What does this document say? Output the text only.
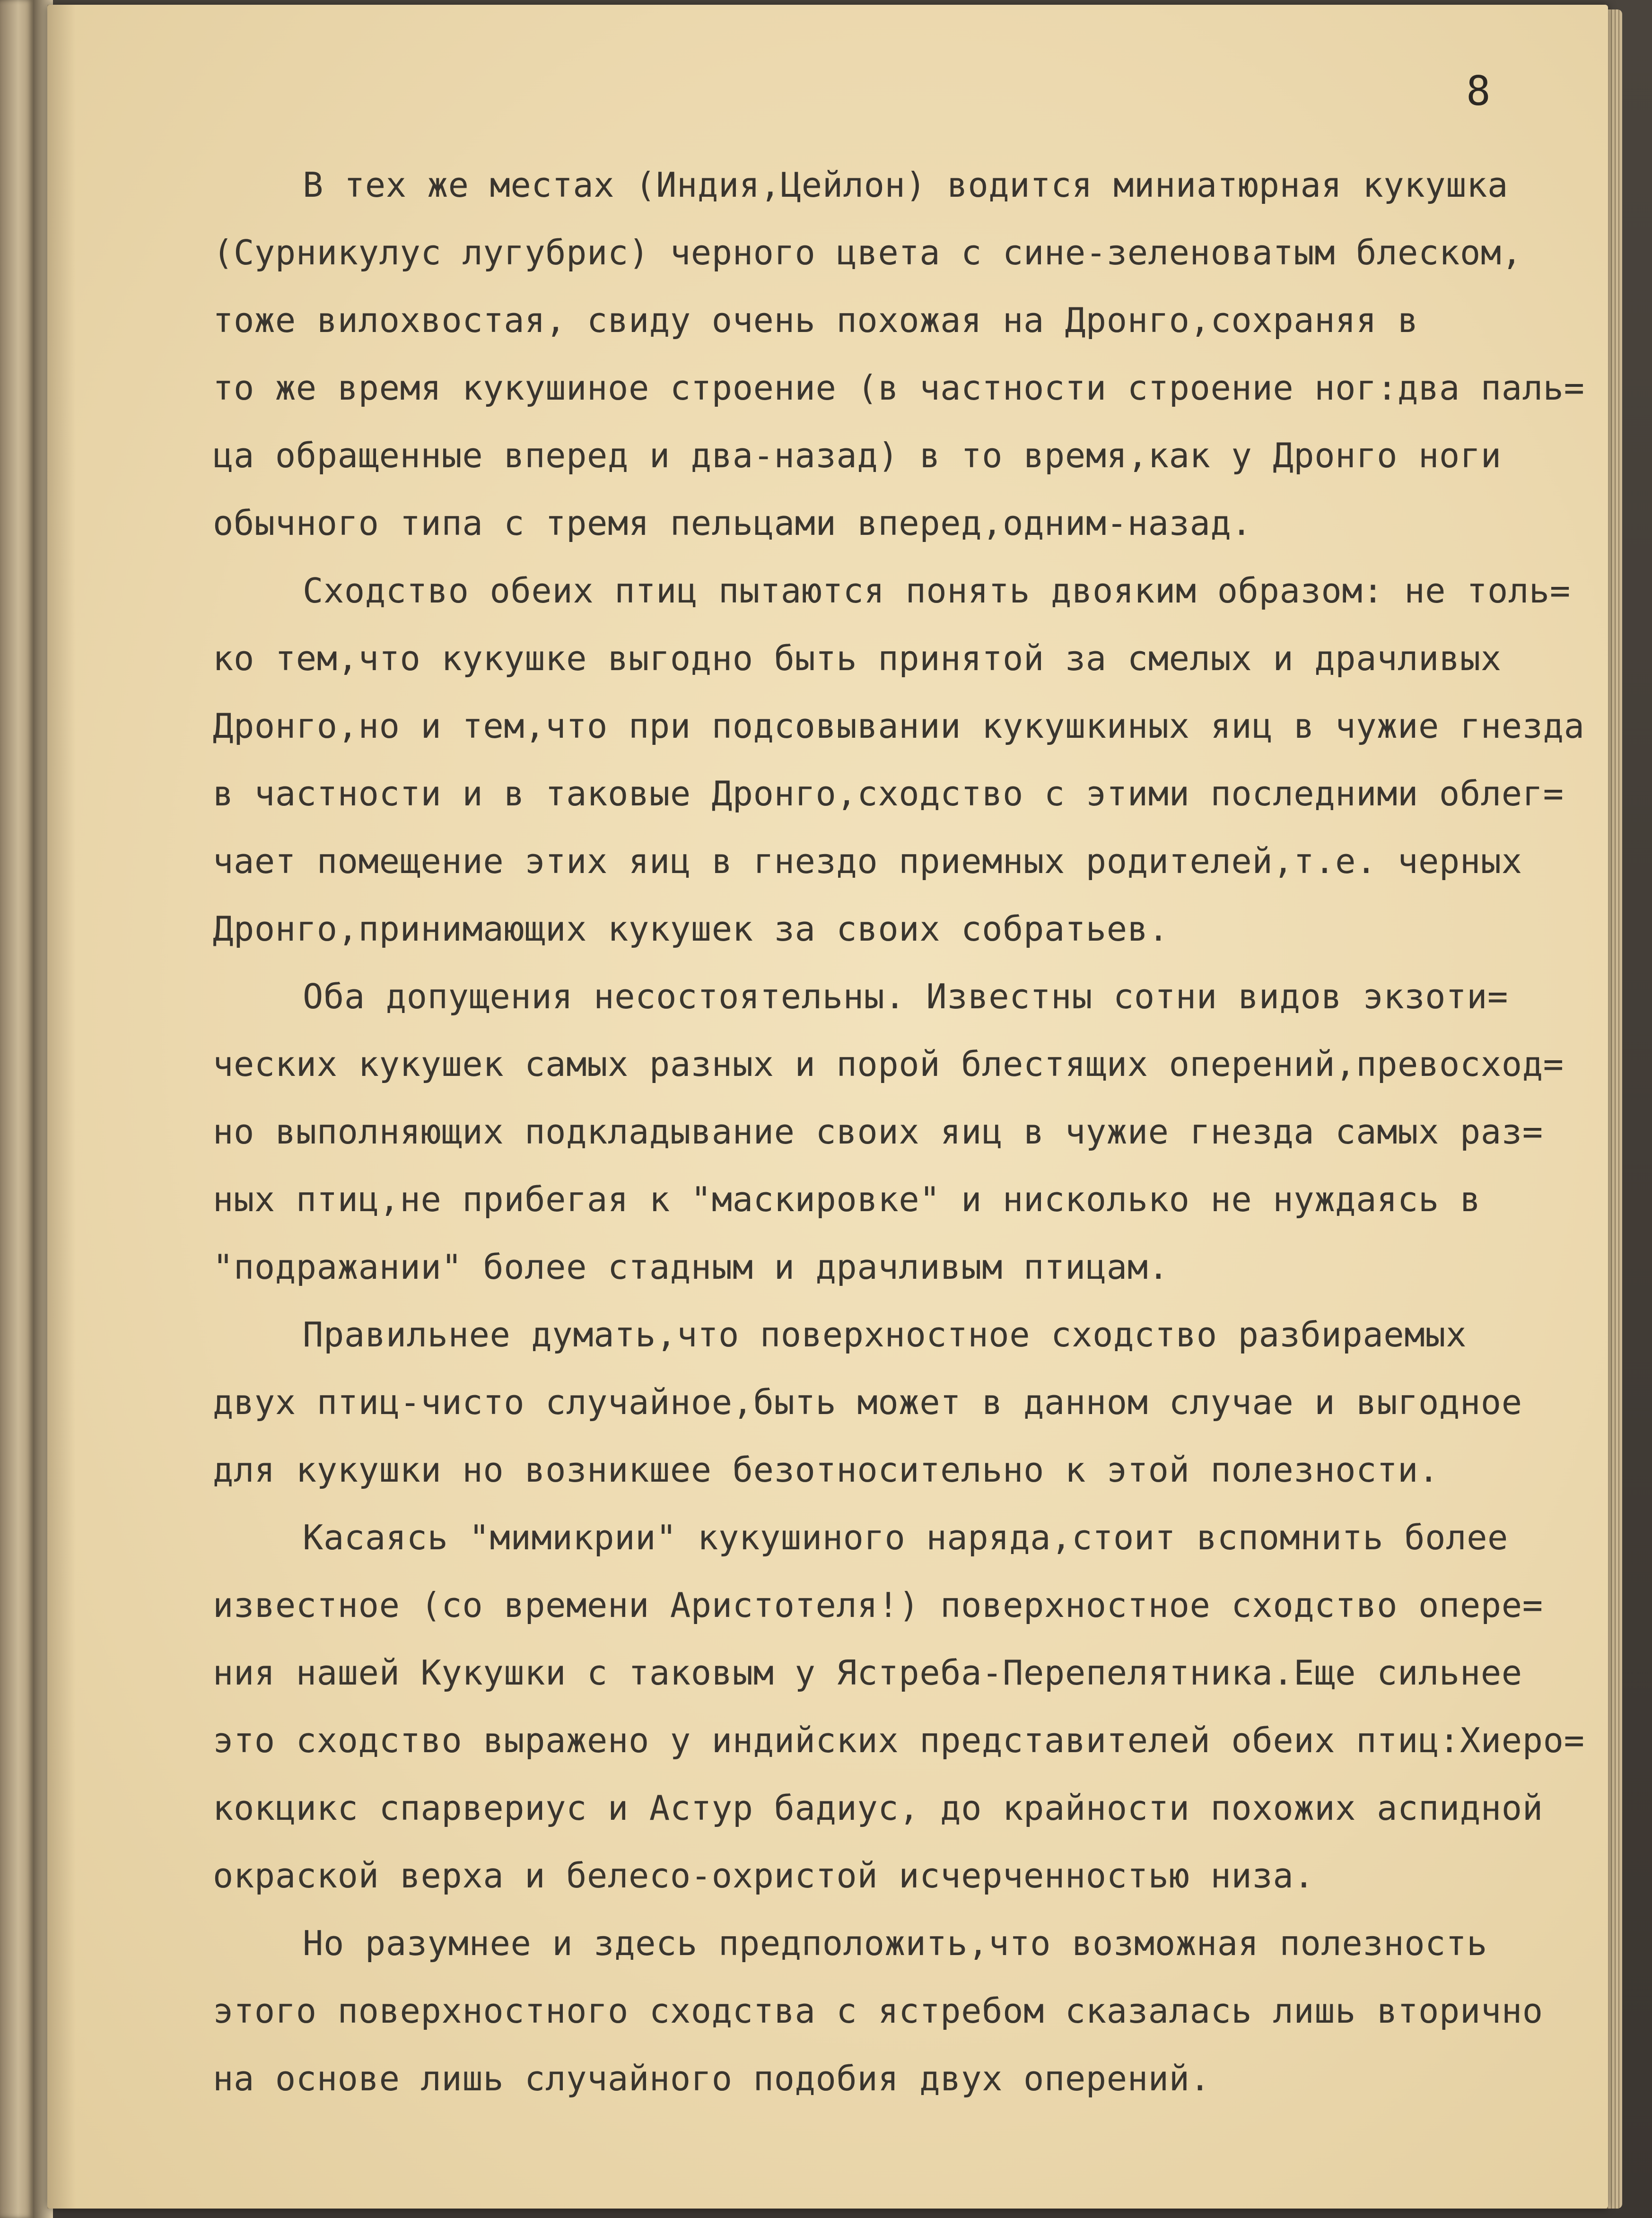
8

В тех же местах (Индия,Цейлон) водится миниатюрная кукушка
(Сурникулус лугубрис) черного цвета с сине-зеленоватым блеском,
тоже вилохвостая, свиду очень похожая на Дронго,сохраняя в
то же время кукушиное строение (в частности строение ног:два паль=
ца обращенные вперед и два-назад) в то время,как у Дронго ноги
обычного типа с тремя пельцами вперед,одним-назад.
Сходство обеих птиц пытаются понять двояким образом: не толь=
ко тем,что кукушке выгодно быть принятой за смелых и драчливых
Дронго,но и тем,что при подсовывании кукушкиных яиц в чужие гнезда
в частности и в таковые Дронго,сходство с этими последними облег=
чает помещение этих яиц в гнездо приемных родителей,т.е. черных
Дронго,принимающих кукушек за своих собратьев.
Оба допущения несостоятельны. Известны сотни видов экзоти=
ческих кукушек самых разных и порой блестящих оперений,превосход=
но выполняющих подкладывание своих яиц в чужие гнезда самых раз=
ных птиц,не прибегая к "маскировке" и нисколько не нуждаясь в
"подражании" более стадным и драчливым птицам.
Правильнее думать,что поверхностное сходство разбираемых
двух птиц-чисто случайное,быть может в данном случае и выгодное
для кукушки но возникшее безотносительно к этой полезности.
Касаясь "мимикрии" кукушиного наряда,стоит вспомнить более
известное (со времени Аристотеля!) поверхностное сходство опере=
ния нашей Кукушки с таковым у Ястреба-Перепелятника.Еще сильнее
это сходство выражено у индийских представителей обеих птиц:Хиеро=
кокцикс спарвериус и Астур бадиус, до крайности похожих аспидной
окраской верха и белесо-охристой исчерченностью низа.
Но разумнее и здесь предположить,что возможная полезность
этого поверхностного сходства с ястребом сказалась лишь вторично
на основе лишь случайного подобия двух оперений.
